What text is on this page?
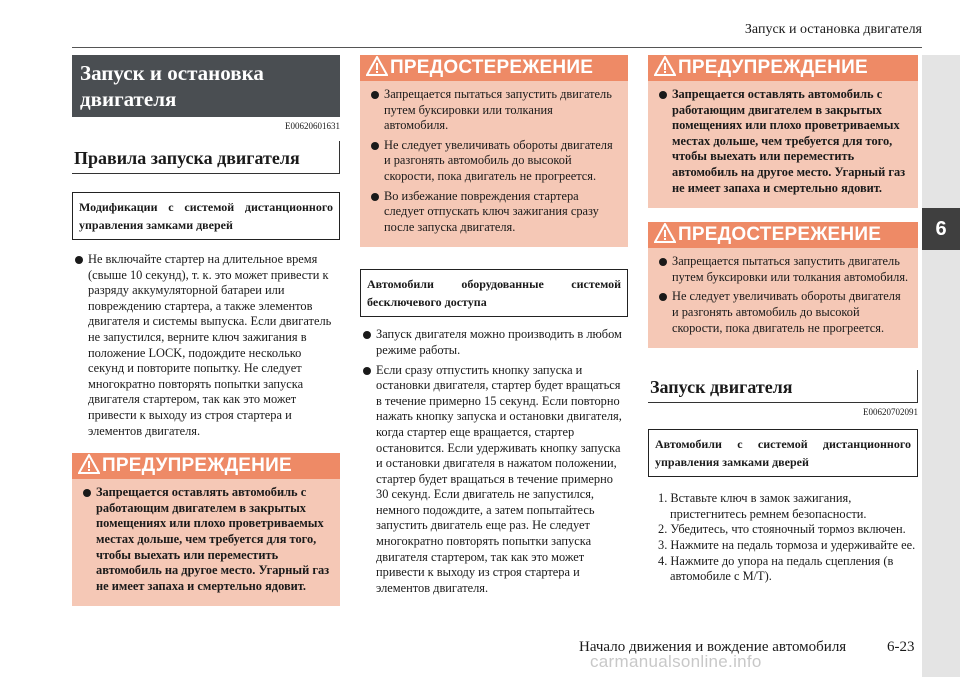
Запуск и остановка двигателя
6
Запуск и остановка двигателя
E00620601631
Правила запуска двигателя
Модификации с системой дистанционного
управления замками дверей
Не включайте стартер на длительное время (свыше 10 секунд), т. к. это может привести к разряду аккумуляторной батареи или повреждению стартера, а также элементов двигателя и системы выпуска. Если двигатель не запустился, верните ключ зажигания в положение LOCK, подождите несколько секунд и повторите попытку. Не следует многократно повторять попытки запуска двигателя стартером, так как это может привести к выходу из строя стартера и элементов двигателя.
ПРЕДУПРЕЖДЕНИЕ
Запрещается оставлять автомобиль с работающим двигателем в закрытых помещениях или плохо проветриваемых местах дольше, чем требуется для того, чтобы выехать или переместить автомобиль на другое место. Угарный газ не имеет запаха и смертельно ядовит.
ПРЕДОСТЕРЕЖЕНИЕ
Запрещается пытаться запустить двигатель путем буксировки или толкания автомобиля.
Не следует увеличивать обороты двигателя и разгонять автомобиль до высокой скорости, пока двигатель не прогреется.
Во избежание повреждения стартера следует отпускать ключ зажигания сразу после запуска двигателя.
Автомобили оборудованные системой
бесключевого доступа
Запуск двигателя можно производить в любом режиме работы.
Если сразу отпустить кнопку запуска и остановки двигателя, стартер будет вращаться в течение примерно 15 секунд. Если повторно нажать кнопку запуска и остановки двигателя, когда стартер еще вращается, стартер остановится. Если удерживать кнопку запуска и остановки двигателя в нажатом положении, стартер будет вращаться в течение примерно 30 секунд. Если двигатель не запустился, немного подождите, а затем попытайтесь запустить двигатель еще раз. Не следует многократно повторять попытки запуска двигателя стартером, так как это может привести к выходу из строя стартера и элементов двигателя.
ПРЕДУПРЕЖДЕНИЕ
Запрещается оставлять автомобиль с работающим двигателем в закрытых помещениях или плохо проветриваемых местах дольше, чем требуется для того, чтобы выехать или переместить автомобиль на другое место. Угарный газ не имеет запаха и смертельно ядовит.
ПРЕДОСТЕРЕЖЕНИЕ
Запрещается пытаться запустить двигатель путем буксировки или толкания автомобиля.
Не следует увеличивать обороты двигателя и разгонять автомобиль до высокой скорости, пока двигатель не прогреется.
Запуск двигателя
E00620702091
Автомобили с системой дистанционного
управления замками дверей
1. Вставьте ключ в замок зажигания, пристегнитесь ремнем безопасности.
2. Убедитесь, что стояночный тормоз включен.
3. Нажмите на педаль тормоза и удерживайте ее.
4. Нажмите до упора на педаль сцепления (в автомобиле с М/Т).
Начало движения и вождение автомобиля	6-23
carmanualsonline.info
